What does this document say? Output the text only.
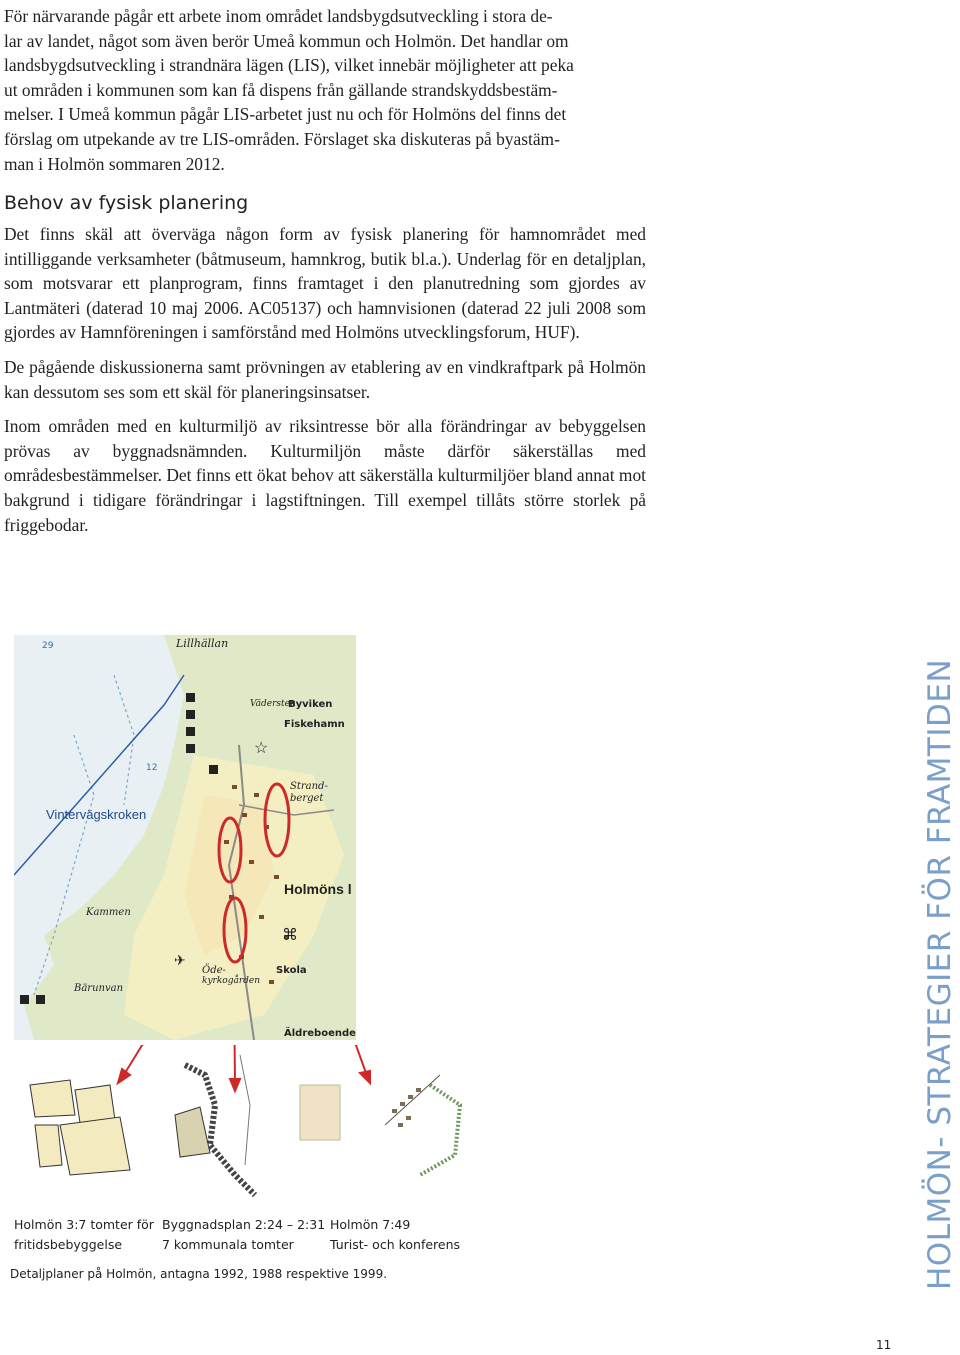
För närvarande pågår ett arbete inom området landsbygdsutveckling i stora de-
lar av landet, något som även berör Umeå kommun och Holmön. Det handlar om
landsbygdsutveckling i strandnära lägen (LIS), vilket innebär möjligheter att peka
ut områden i kommunen som kan få dispens från gällande strandskyddsbestäm-
melser. I Umeå kommun pågår LIS-arbetet just nu och för Holmöns del finns det
förslag om utpekande av tre LIS-områden. Förslaget ska diskuteras på byastäm-
man i Holmön sommaren 2012.
Behov av fysisk planering

Det finns skäl att överväga någon form av fysisk planering för hamnområdet med intilliggande verksamheter (båtmuseum, hamnkrog, butik bl.a.). Underlag för en detaljplan, som motsvarar ett planprogram, finns framtaget i den planutredning som gjordes av Lantmäteri (daterad 10 maj 2006. AC05137) och hamnvisionen (daterad 22 juli 2008 som gjordes av Hamnföreningen i samförstånd med Holmöns utvecklingsforum, HUF).

De pågående diskussionerna samt prövningen av etablering av en vindkraftpark på Holmön kan dessutom ses som ett skäl för planeringsinsatser.

Inom områden med en kulturmiljö av riksintresse bör alla förändringar av bebyggelsen prövas av byggnadsnämnden. Kulturmiljön måste därför säkerställas med områdesbestämmelser. Det finns ett ökat behov att säkerställa kulturmiljöer bland annat mot bakgrund i tidigare förändringar i lagstiftningen. Till exempel tillåts större storlek på friggebodar.

☆
⌘
✈
Lillhällan
29
12
Vädersten
Byviken
Fiskehamn
Strand-
berget
Vintervägskroken
Holmöns l
Kammen
Bärunvan
Öde-
kyrkogården
Skola
Äldreboende
Holmön 3:7 tomter för
fritidsbebyggelse
Byggnadsplan 2:24 – 2:31
7 kommunala tomter
Holmön 7:49
Turist- och konferens
Detaljplaner på Holmön, antagna 1992, 1988 respektive 1999.	HOLMÖN- STRATEGIER FÖR FRAMTIDEN
11
